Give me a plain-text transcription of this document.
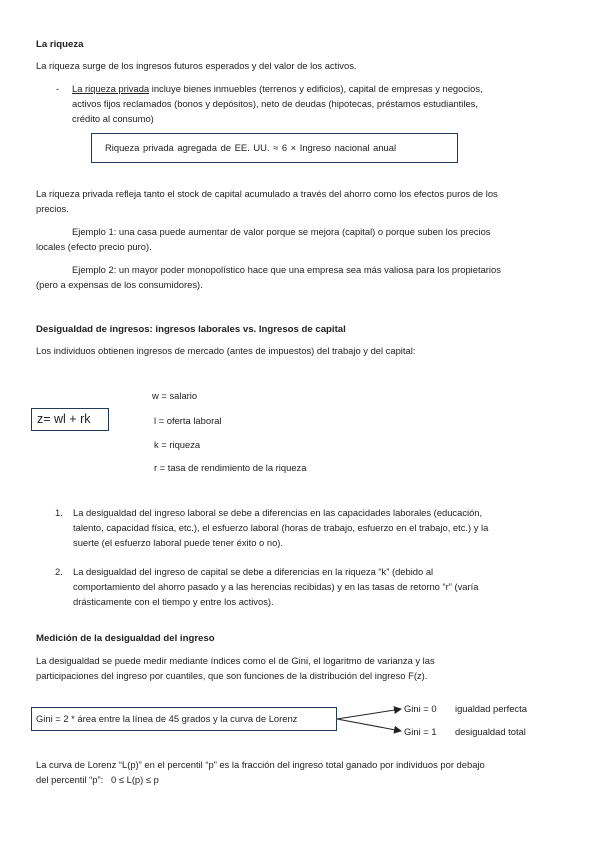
La riqueza
La riqueza surge de los ingresos futuros esperados y del valor de los activos.
- La riqueza privada incluye bienes inmuebles (terrenos y edificios), capital de empresas y negocios,
activos fijos reclamados (bonos y depósitos), neto de deudas (hipotecas, préstamos estudiantiles,
crédito al consumo)
Riqueza privada agregada de EE. UU. ≈ 6 × Ingreso nacional anual
La riqueza privada refleja tanto el stock de capital acumulado a través del ahorro como los efectos puros de los
precios.
Ejemplo 1: una casa puede aumentar de valor porque se mejora (capital) o porque suben los precios
locales (efecto precio puro).
Ejemplo 2: un mayor poder monopolístico hace que una empresa sea más valiosa para los propietarios
(pero a expensas de los consumidores).
Desigualdad de ingresos: ingresos laborales vs. Ingresos de capital
Los individuos obtienen ingresos de mercado (antes de impuestos) del trabajo y del capital:
z= wl + rk
w = salario
l = oferta laboral
k = riqueza
r = tasa de rendimiento de la riqueza
1. La desigualdad del ingreso laboral se debe a diferencias en las capacidades laborales (educación,
talento, capacidad física, etc.), el esfuerzo laboral (horas de trabajo, esfuerzo en el trabajo, etc.) y la
suerte (el esfuerzo laboral puede tener éxito o no).
2. La desigualdad del ingreso de capital se debe a diferencias en la riqueza “k” (debido al
comportamiento del ahorro pasado y a las herencias recibidas) y en las tasas de retorno “r” (varía
drásticamente con el tiempo y entre los activos).
Medición de la desigualdad del ingreso
La desigualdad se puede medir mediante índices como el de Gini, el logaritmo de varianza y las
participaciones del ingreso por cuantiles, que son funciones de la distribución del ingreso F(z).
Gini = 2 * área entre la línea de 45 grados y la curva de Lorenz
Gini = 0 igualdad perfecta
Gini = 1 desigualdad total
La curva de Lorenz “L(p)” en el percentil “p” es la fracción del ingreso total ganado por individuos por debajo
del percentil “p”:   0 ≤ L(p) ≤ p
